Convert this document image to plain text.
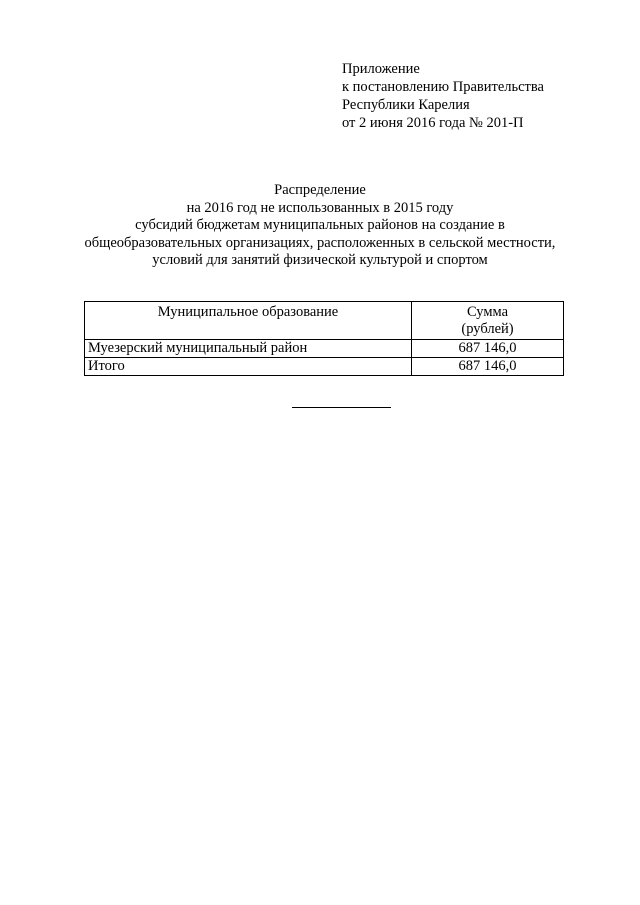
Приложение
к постановлению Правительства
Республики Карелия
от 2 июня 2016 года № 201-П
Распределение
на 2016 год не использованных в 2015 году
субсидий бюджетам муниципальных районов на создание в
общеобразовательных организациях, расположенных в сельской местности,
условий для занятий физической культурой и спортом
Муниципальное образование	Сумма
(рублей)

Муезерский муниципальный район	687 146,0
Итого	687 146,0
